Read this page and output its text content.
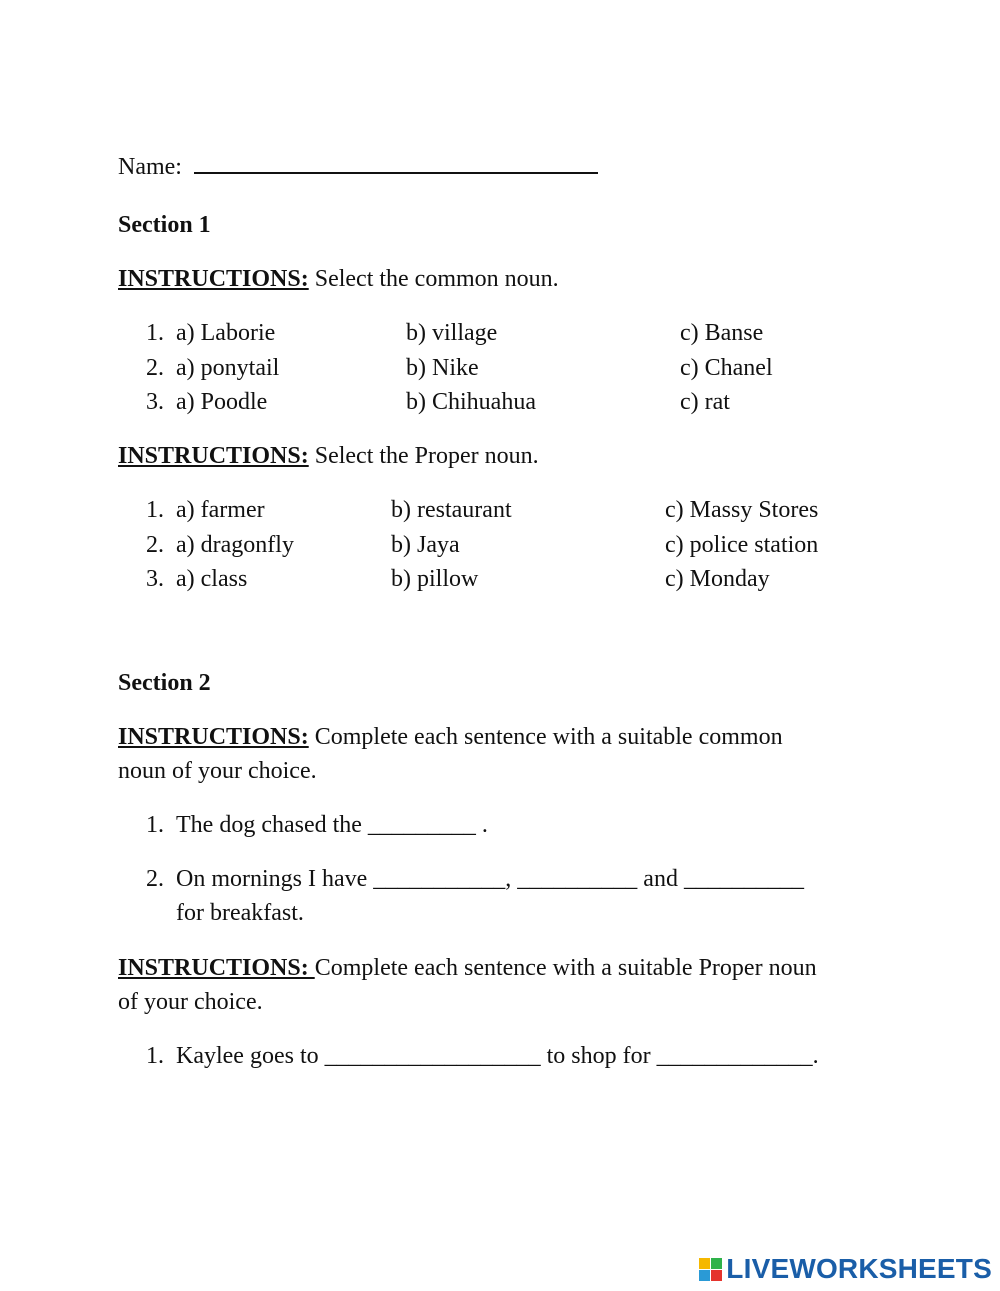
Name:
Section 1
INSTRUCTIONS: Select the common noun.
1. a) Laborie	b) village	c) Banse
2. a) ponytail	b) Nike	c) Chanel
3. a) Poodle	b) Chihuahua	c) rat
INSTRUCTIONS: Select the Proper noun.
1. a) farmer	b) restaurant	c) Massy Stores
2. a) dragonfly	b) Jaya	c) police station
3. a) class	b) pillow	c) Monday
Section 2
INSTRUCTIONS: Complete each sentence with a suitable common
noun of your choice.
1. The dog chased the _________ .
2. On mornings I have ___________, __________ and __________
for breakfast.
INSTRUCTIONS: Complete each sentence with a suitable Proper noun
of your choice.
1. Kaylee goes to __________________ to shop for _____________.
LIVEWORKSHEETS
